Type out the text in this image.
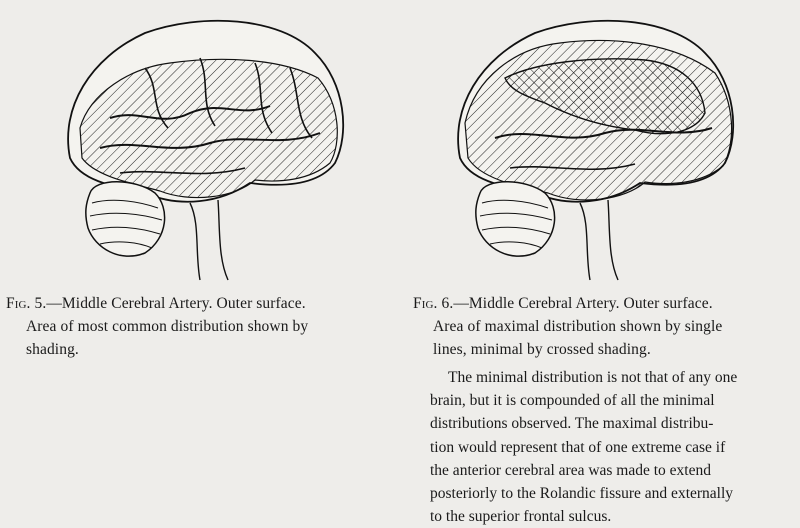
Fig. 5.—Middle Cerebral Artery. Outer surface.
Area of most common distribution shown by
shading.
Fig. 6.—Middle Cerebral Artery. Outer surface.
Area of maximal distribution shown by single
lines, minimal by crossed shading.
The minimal distribution is not that of any one
brain, but it is compounded of all the minimal
distributions observed. The maximal distribu-
tion would represent that of one extreme case if
the anterior cerebral area was made to extend
posteriorly to the Rolandic fissure and externally
to the superior frontal sulcus.
